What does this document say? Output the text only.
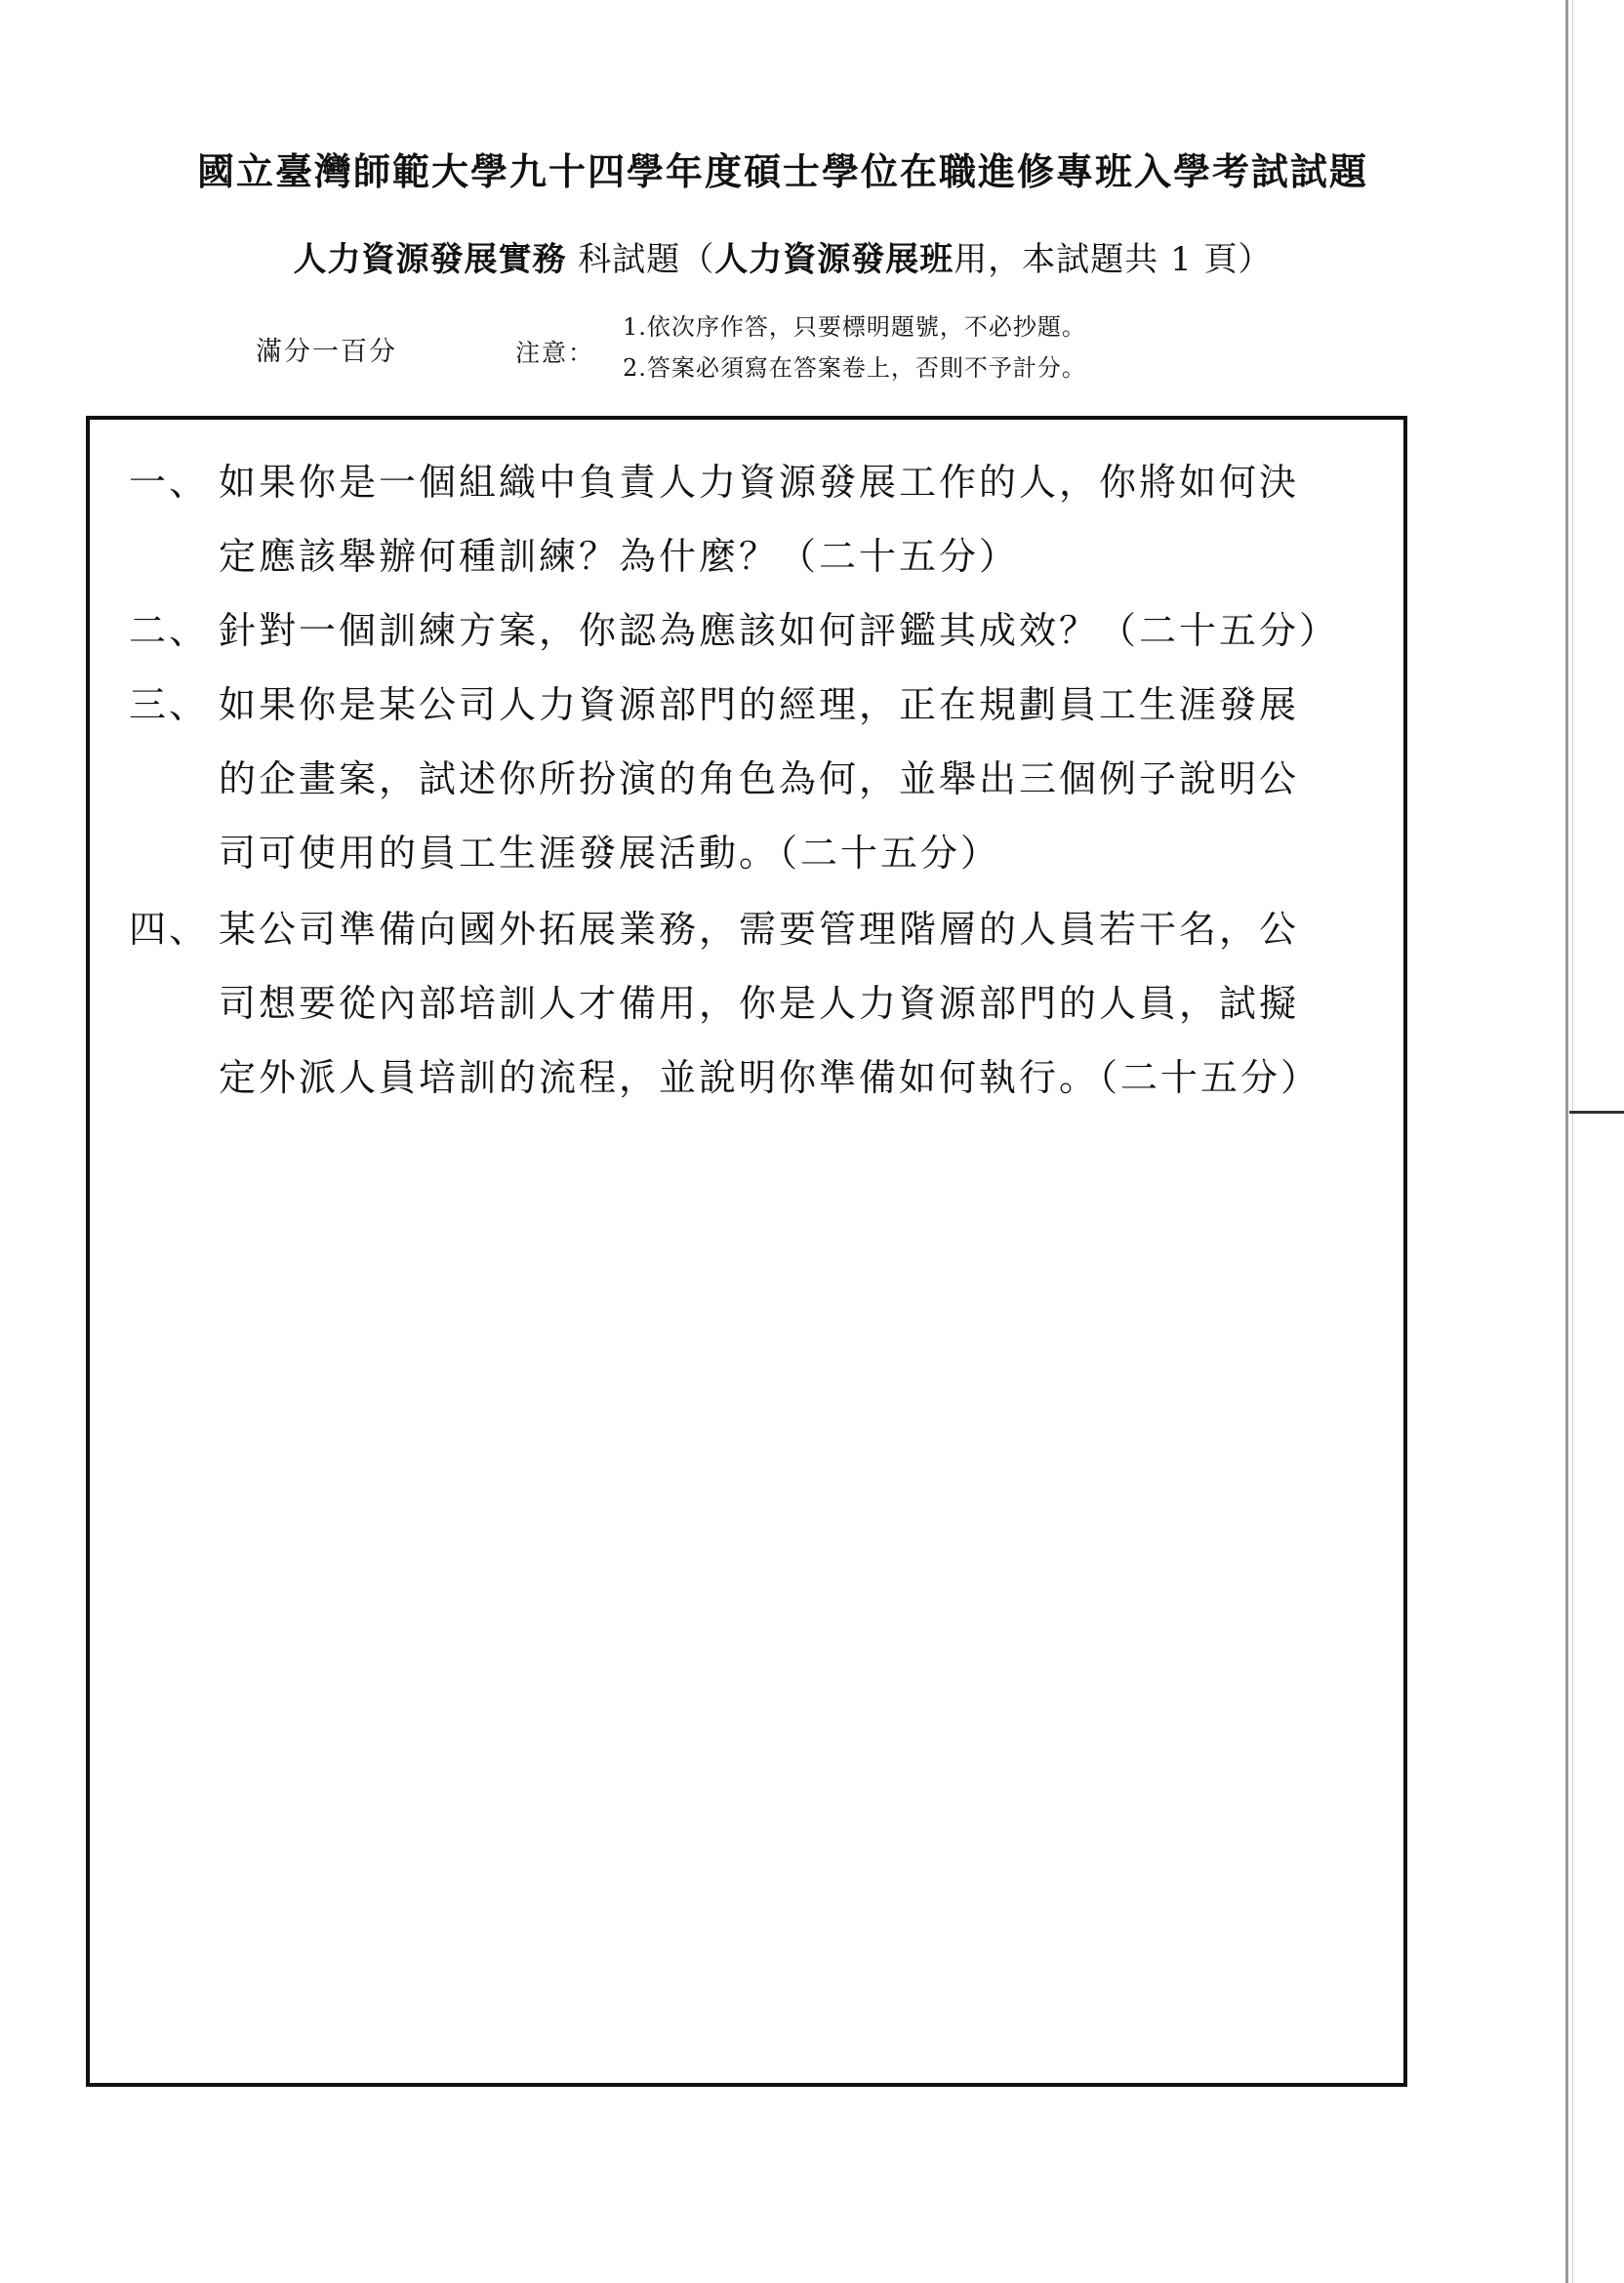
國立臺灣師範大學九十四學年度碩士學位在職進修專班入學考試試題
人力資源發展實務 科試題（人力資源發展班用，本試題共 1 頁）
滿分一百分	注意：
1.依次序作答，只要標明題號，不必抄題。
2.答案必須寫在答案卷上，否則不予計分。
一、 如果你是一個組織中負責人力資源發展工作的人，你將如何決
定應該舉辦何種訓練？為什麼？（二十五分）
二、 針對一個訓練方案，你認為應該如何評鑑其成效？（二十五分）
三、 如果你是某公司人力資源部門的經理，正在規劃員工生涯發展
的企畫案，試述你所扮演的角色為何，並舉出三個例子說明公
司可使用的員工生涯發展活動。（二十五分）
四、 某公司準備向國外拓展業務，需要管理階層的人員若干名，公
司想要從內部培訓人才備用，你是人力資源部門的人員，試擬
定外派人員培訓的流程，並說明你準備如何執行。（二十五分）
